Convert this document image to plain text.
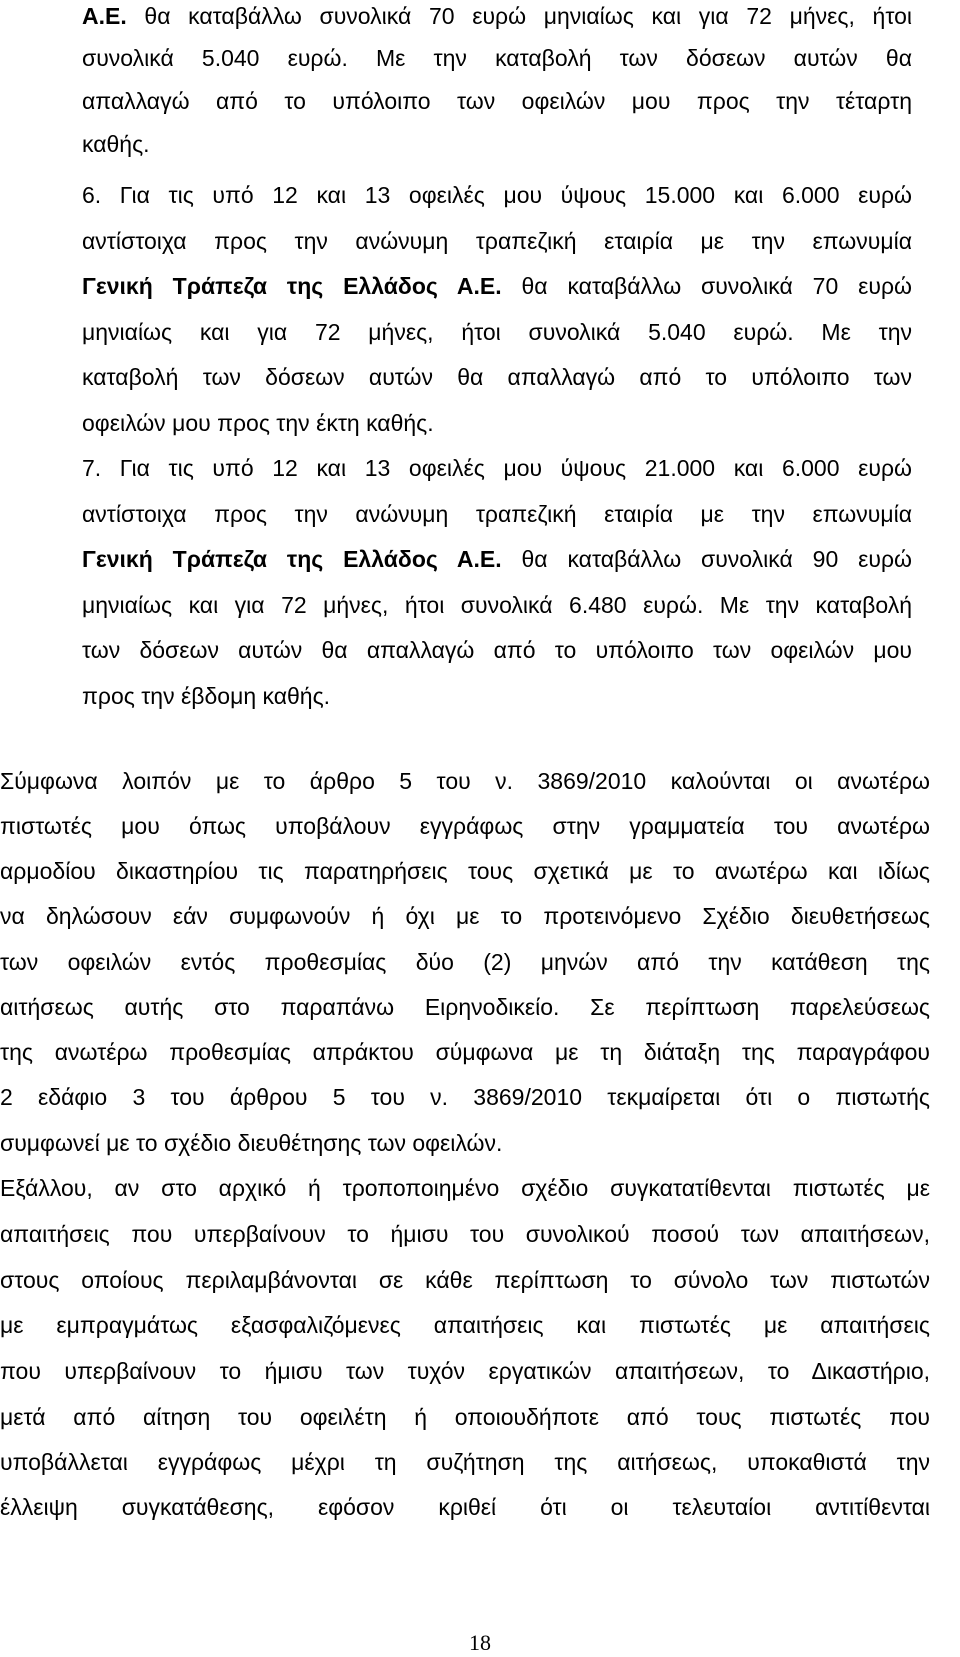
Α.Ε. θα καταβάλλω συνολικά 70 ευρώ μηνιαίως και για 72 μήνες, ήτοι

συνολικά 5.040 ευρώ. Με την καταβολή των δόσεων αυτών θα

απαλλαγώ από το υπόλοιπο των οφειλών μου προς την τέταρτη

καθής.

6. Για τις υπό 12 και 13 οφειλές μου ύψους 15.000 και 6.000 ευρώ

αντίστοιχα προς την ανώνυμη τραπεζική εταιρία με την επωνυμία

Γενική Τράπεζα της Ελλάδος Α.Ε. θα καταβάλλω συνολικά 70 ευρώ

μηνιαίως και για 72 μήνες, ήτοι συνολικά 5.040 ευρώ. Με την

καταβολή των δόσεων αυτών θα απαλλαγώ από το υπόλοιπο των

οφειλών μου προς την έκτη καθής.

7. Για τις υπό 12 και 13 οφειλές μου ύψους 21.000 και 6.000 ευρώ

αντίστοιχα προς την ανώνυμη τραπεζική εταιρία με την επωνυμία

Γενική Τράπεζα της Ελλάδος Α.Ε. θα καταβάλλω συνολικά 90 ευρώ

μηνιαίως και για 72 μήνες, ήτοι συνολικά 6.480 ευρώ. Με την καταβολή

των δόσεων αυτών θα απαλλαγώ από το υπόλοιπο των οφειλών μου

προς την έβδομη καθής.

Σύμφωνα λοιπόν με το άρθρο 5 του ν. 3869/2010 καλούνται οι ανωτέρω

πιστωτές μου όπως υποβάλουν εγγράφως στην γραμματεία του ανωτέρω

αρμοδίου δικαστηρίου τις παρατηρήσεις τους σχετικά με το ανωτέρω και ιδίως

να δηλώσουν εάν συμφωνούν ή όχι με το προτεινόμενο Σχέδιο διευθετήσεως

των οφειλών εντός προθεσμίας δύο (2) μηνών από την κατάθεση της

αιτήσεως αυτής στο παραπάνω Ειρηνοδικείο. Σε περίπτωση παρελεύσεως

της ανωτέρω προθεσμίας απράκτου σύμφωνα με τη διάταξη της παραγράφου

2 εδάφιο 3 του άρθρου 5 του ν. 3869/2010 τεκμαίρεται ότι ο πιστωτής

συμφωνεί με το σχέδιο διευθέτησης των οφειλών.

Εξάλλου, αν στο αρχικό ή τροποποιημένο σχέδιο συγκατατίθενται πιστωτές με

απαιτήσεις που υπερβαίνουν το ήμισυ του συνολικού ποσού των απαιτήσεων,

στους οποίους περιλαμβάνονται σε κάθε περίπτωση το σύνολο των πιστωτών

με εμπραγμάτως εξασφαλιζόμενες απαιτήσεις και πιστωτές με απαιτήσεις

που υπερβαίνουν το ήμισυ των τυχόν εργατικών απαιτήσεων, το Δικαστήριο,

μετά από αίτηση του οφειλέτη ή οποιουδήποτε από τους πιστωτές που

υποβάλλεται εγγράφως μέχρι τη συζήτηση της αιτήσεως, υποκαθιστά την

έλλειψη συγκατάθεσης, εφόσον κριθεί ότι οι τελευταίοι αντιτίθενται

18
